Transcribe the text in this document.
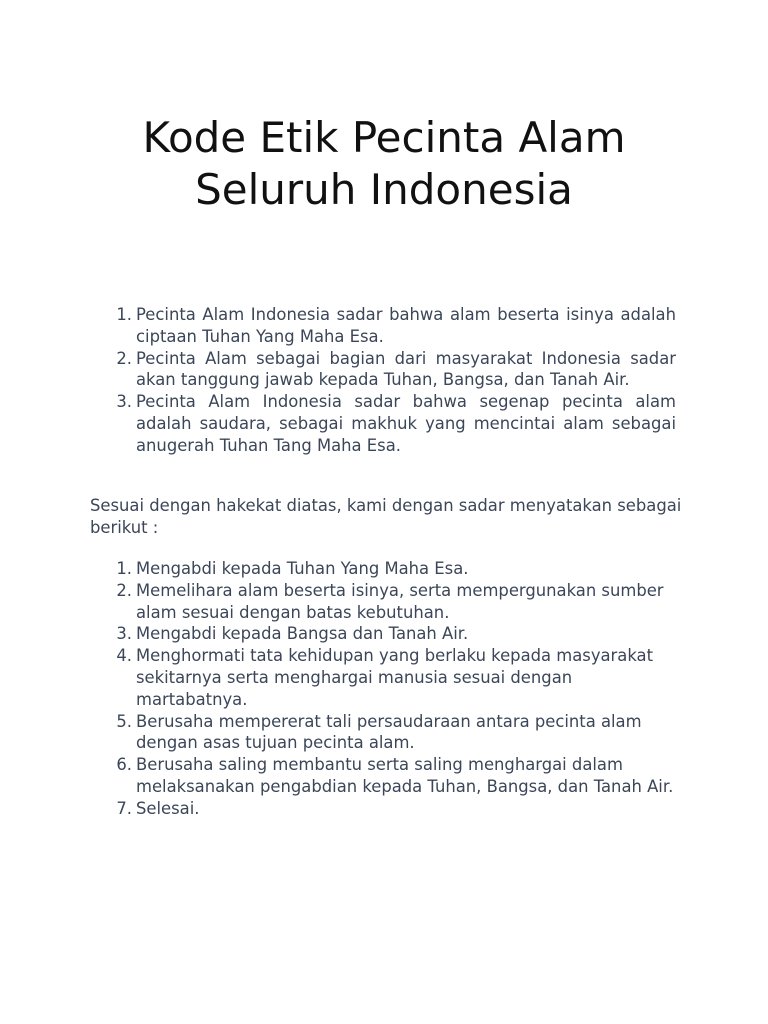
Kode Etik Pecinta Alam
Seluruh Indonesia
1. Pecinta Alam Indonesia sadar bahwa alam beserta isinya adalah ciptaan Tuhan Yang Maha Esa.
2. Pecinta Alam sebagai bagian dari masyarakat Indonesia sadar akan tanggung jawab kepada Tuhan, Bangsa, dan Tanah Air.
3. Pecinta Alam Indonesia sadar bahwa segenap pecinta alam adalah saudara, sebagai makhuk yang mencintai alam sebagai anugerah Tuhan Tang Maha Esa.

Sesuai dengan hakekat diatas, kami dengan sadar menyatakan sebagai berikut :

1. Mengabdi kepada Tuhan Yang Maha Esa.
2. Memelihara alam beserta isinya, serta mempergunakan sumber alam sesuai dengan batas kebutuhan.
3. Mengabdi kepada Bangsa dan Tanah Air.
4. Menghormati tata kehidupan yang berlaku kepada masyarakat sekitarnya serta menghargai manusia sesuai dengan martabatnya.
5. Berusaha mempererat tali persaudaraan antara pecinta alam dengan asas tujuan pecinta alam.
6. Berusaha saling membantu serta saling menghargai dalam melaksanakan pengabdian kepada Tuhan, Bangsa, dan Tanah Air.
7. Selesai.
